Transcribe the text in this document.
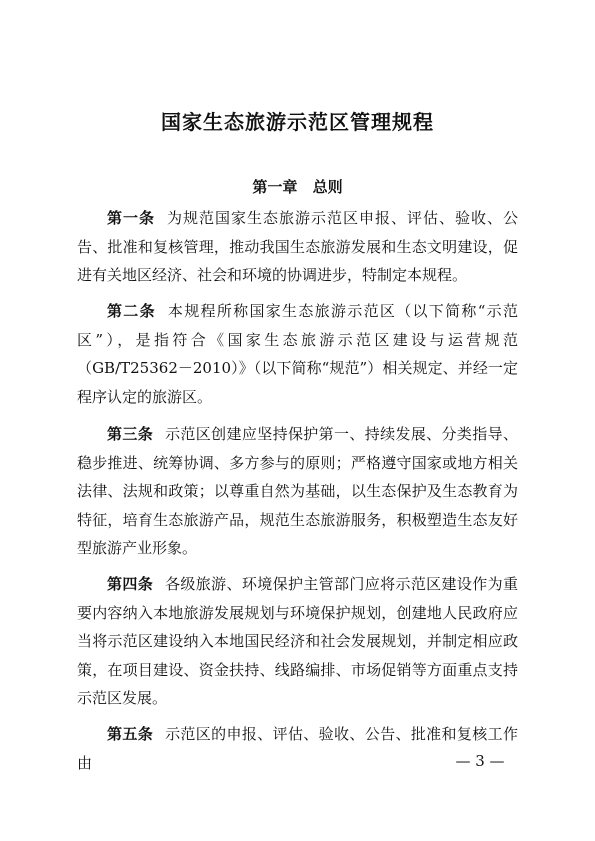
国家生态旅游示范区管理规程
第一章 总则

第一条 为规范国家生态旅游示范区申报、评估、验收、公告、批准和复核管理，推动我国生态旅游发展和生态文明建设，促进有关地区经济、社会和环境的协调进步，特制定本规程。

第二条 本规程所称国家生态旅游示范区（以下简称“示范区”），是指符合《国家生态旅游示范区建设与运营规范（GB/T25362－2010）》（以下简称“规范”）相关规定、并经一定程序认定的旅游区。

第三条 示范区创建应坚持保护第一、持续发展、分类指导、稳步推进、统筹协调、多方参与的原则；严格遵守国家或地方相关法律、法规和政策；以尊重自然为基础，以生态保护及生态教育为特征，培育生态旅游产品，规范生态旅游服务，积极塑造生态友好型旅游产业形象。

第四条 各级旅游、环境保护主管部门应将示范区建设作为重要内容纳入本地旅游发展规划与环境保护规划，创建地人民政府应当将示范区建设纳入本地国民经济和社会发展规划，并制定相应政策，在项目建设、资金扶持、线路编排、市场促销等方面重点支持示范区发展。

第五条 示范区的申报、评估、验收、公告、批准和复核工作由	— 3 —
